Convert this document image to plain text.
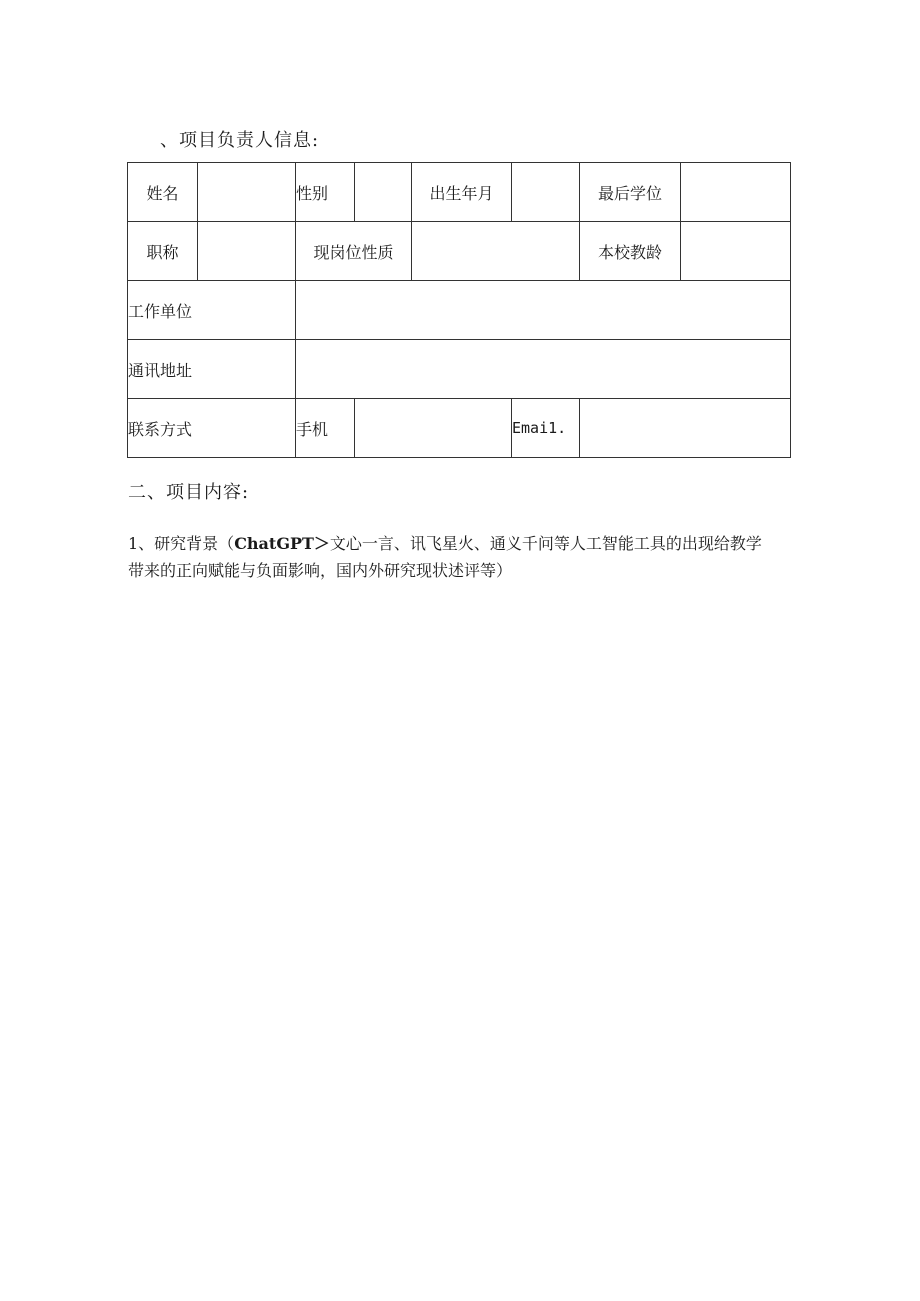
、项目负责人信息:
姓名		性别		出生年月		最后学位	
职称		现岗位性质				本校教龄	
工作单位							
通讯地址							
联系方式		手机			Emai1.		
二、项目内容:
1、研究背景（ChatGPT＞文心一言、讯飞星火、通义千问等人工智能工具的出现给教学
带来的正向赋能与负面影响，国内外研究现状述评等）
